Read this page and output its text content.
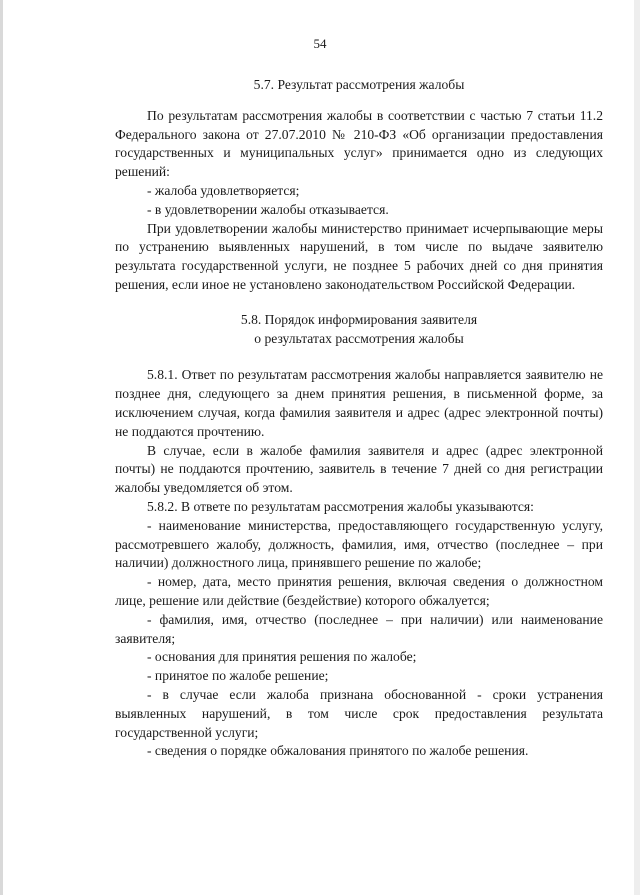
54

5.7. Результат рассмотрения жалобы

По результатам рассмотрения жалобы в соответствии с частью 7 статьи 11.2 Федерального закона от 27.07.2010 № 210-ФЗ «Об организации предоставления государственных и муниципальных услуг» принимается одно из следующих решений:

- жалоба удовлетворяется;

- в удовлетворении жалобы отказывается.

При удовлетворении жалобы министерство принимает исчерпывающие меры по устранению выявленных нарушений, в том числе по выдаче заявителю результата государственной услуги, не позднее 5 рабочих дней со дня принятия решения, если иное не установлено законодательством Российской Федерации.

5.8. Порядок информирования заявителя
о результатах рассмотрения жалобы

5.8.1. Ответ по результатам рассмотрения жалобы направляется заявителю не позднее дня, следующего за днем принятия решения, в письменной форме, за исключением случая, когда фамилия заявителя и адрес (адрес электронной почты) не поддаются прочтению.

В случае, если в жалобе фамилия заявителя и адрес (адрес электронной почты) не поддаются прочтению, заявитель в течение 7 дней со дня регистрации жалобы уведомляется об этом.

5.8.2. В ответе по результатам рассмотрения жалобы указываются:

- наименование министерства, предоставляющего государственную услугу, рассмотревшего жалобу, должность, фамилия, имя, отчество (последнее – при наличии) должностного лица, принявшего решение по жалобе;

- номер, дата, место принятия решения, включая сведения о должностном лице, решение или действие (бездействие) которого обжалуется;

- фамилия, имя, отчество (последнее – при наличии) или наименование заявителя;

- основания для принятия решения по жалобе;

- принятое по жалобе решение;

- в случае если жалоба признана обоснованной - сроки устранения выявленных нарушений, в том числе срок предоставления результата государственной услуги;

- сведения о порядке обжалования принятого по жалобе решения.
